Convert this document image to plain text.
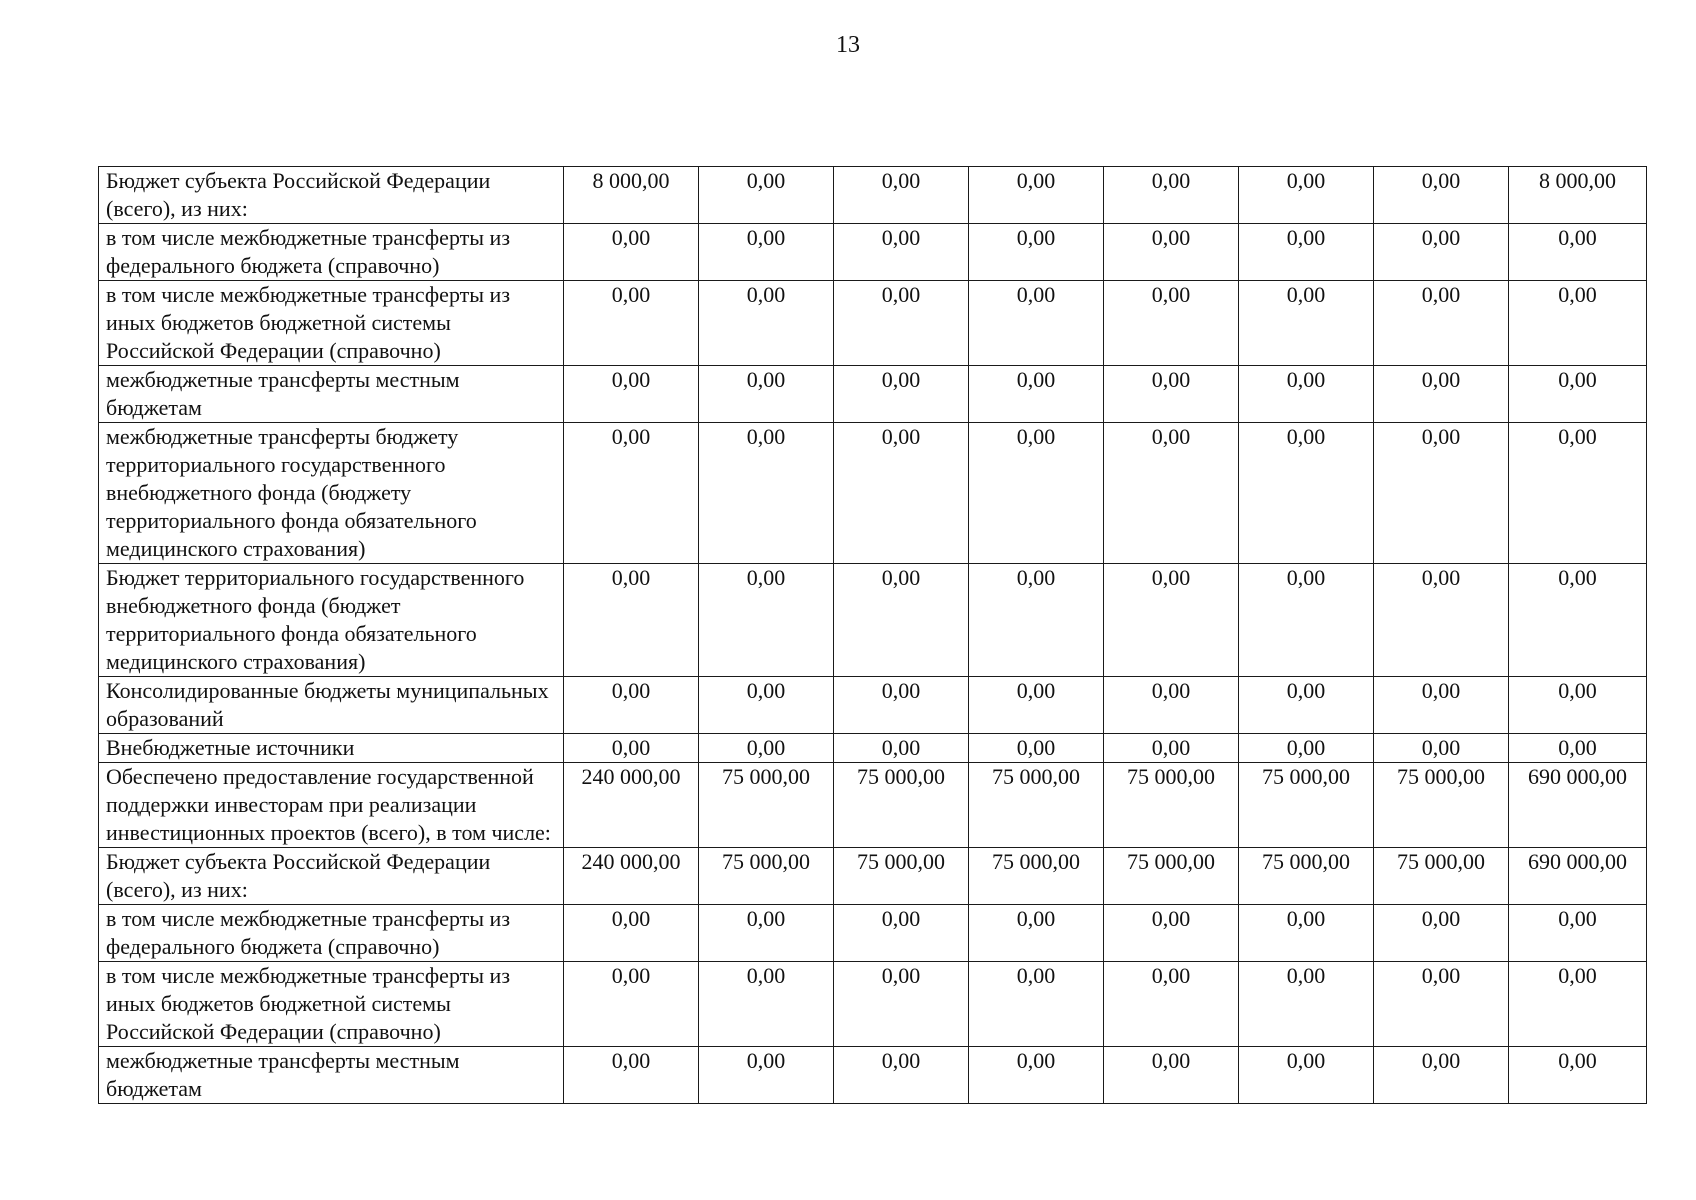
13
Бюджет субъекта Российской Федерации (всего), из них:	8 000,00	0,00	0,00	0,00	0,00	0,00	0,00	8 000,00
в том числе межбюджетные трансферты из федерального бюджета (справочно)	0,00	0,00	0,00	0,00	0,00	0,00	0,00	0,00
в том числе межбюджетные трансферты из иных бюджетов бюджетной системы Российской Федерации (справочно)	0,00	0,00	0,00	0,00	0,00	0,00	0,00	0,00
межбюджетные трансферты местным бюджетам	0,00	0,00	0,00	0,00	0,00	0,00	0,00	0,00
межбюджетные трансферты бюджету территориального государственного внебюджетного фонда (бюджету территориального фонда обязательного медицинского страхования)	0,00	0,00	0,00	0,00	0,00	0,00	0,00	0,00
Бюджет территориального государственного внебюджетного фонда (бюджет территориального фонда обязательного медицинского страхования)	0,00	0,00	0,00	0,00	0,00	0,00	0,00	0,00
Консолидированные бюджеты муниципальных образований	0,00	0,00	0,00	0,00	0,00	0,00	0,00	0,00
Внебюджетные источники	0,00	0,00	0,00	0,00	0,00	0,00	0,00	0,00
Обеспечено предоставление государственной поддержки инвесторам при реализации инвестиционных проектов (всего), в том числе:	240 000,00	75 000,00	75 000,00	75 000,00	75 000,00	75 000,00	75 000,00	690 000,00
Бюджет субъекта Российской Федерации (всего), из них:	240 000,00	75 000,00	75 000,00	75 000,00	75 000,00	75 000,00	75 000,00	690 000,00
в том числе межбюджетные трансферты из федерального бюджета (справочно)	0,00	0,00	0,00	0,00	0,00	0,00	0,00	0,00
в том числе межбюджетные трансферты из иных бюджетов бюджетной системы Российской Федерации (справочно)	0,00	0,00	0,00	0,00	0,00	0,00	0,00	0,00
межбюджетные трансферты местным бюджетам	0,00	0,00	0,00	0,00	0,00	0,00	0,00	0,00
